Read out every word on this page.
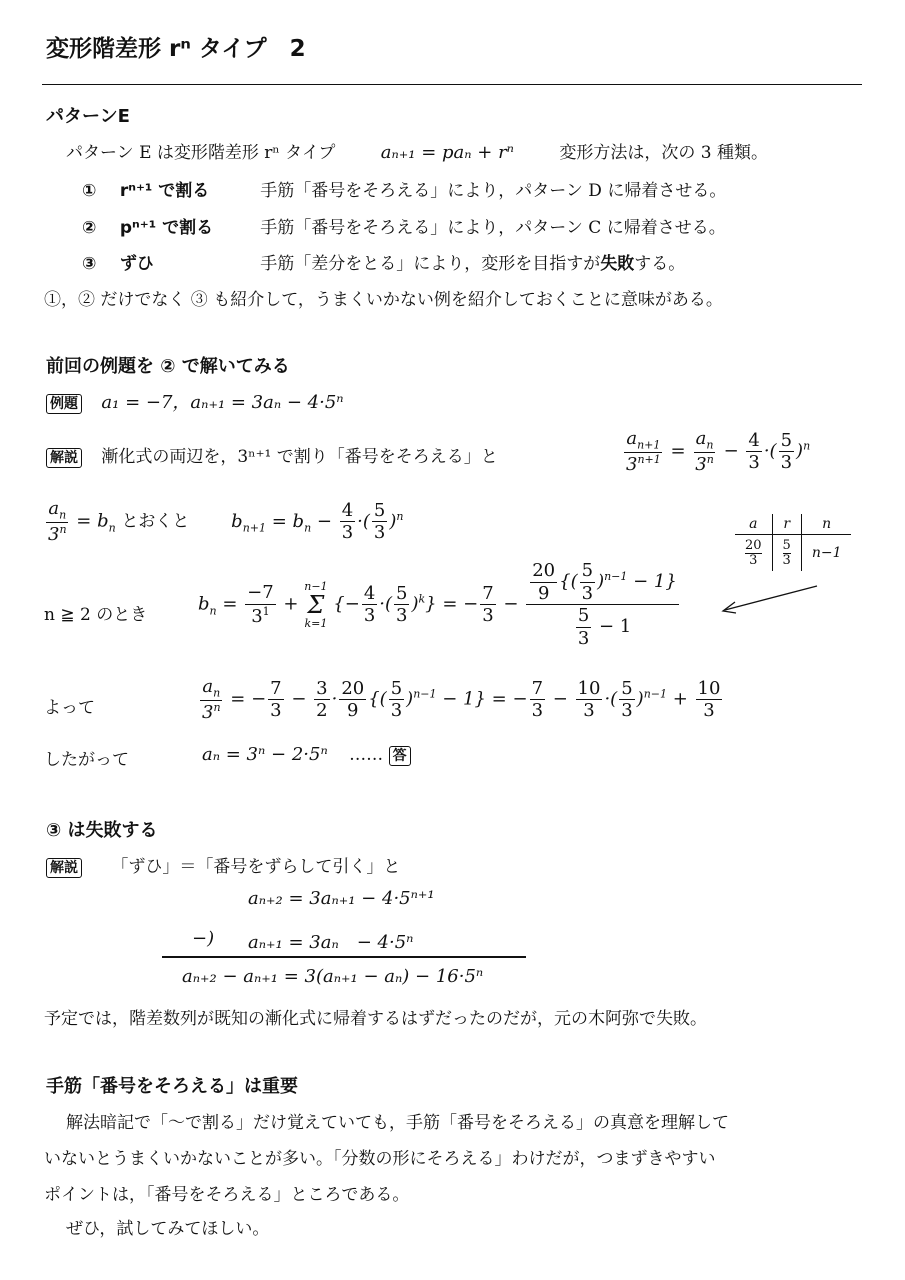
変形階差形 rⁿ タイプ　2
パターンE
パターン E は変形階差形 rⁿ タイプ	aₙ₊₁ = paₙ + rⁿ	変形方法は，次の 3 種類。
① rⁿ⁺¹ で割る	手筋「番号をそろえる」により，パターン D に帰着させる。
② pⁿ⁺¹ で割る	手筋「番号をそろえる」により，パターン C に帰着させる。
③ ずひ	手筋「差分をとる」により，変形を目指すが失敗する。
①，② だけでなく ③ も紹介して，うまくいかない例を紹介しておくことに意味がある。
前回の例題を ② で解いてみる
例題 a₁ = −7，aₙ₊₁ = 3aₙ − 4·5ⁿ
解説 漸化式の両辺を，3ⁿ⁺¹ で割り「番号をそろえる」と	$\frac{a_{n+1}}{3^{n+1}} = \frac{a_n}{3^n} - \frac{4}{3}$ ·( $\frac{5}{3} )^n$
$\frac{a_n}{3^n} = b_n$ とおくと $b_{n+1} = b_n - \frac{4}{3}$ ·( $\frac{5}{3} )^n$	a	r	n

$\frac{20}{3}$	$\frac{5}{3}$	n−1
n ≧ 2 のとき
$b_n = \frac{-7}{3^1}$ +
n−1
Σ
k=1
{− $\frac{4}{3}$ ·( $\frac{5}{3} )^k$} = − $\frac{7}{3} - \frac{\frac{20}{9} \{( \frac{5}{3} )^{n-1} - 1\}}{\frac{5}{3} - 1}$
よって	$\frac{a_n}{3^n}$ = − $\frac{7}{3} - \frac{3}{2} \cdot \frac{20}{9}$ {( $\frac{5}{3} )^{n-1} - 1$} = − $\frac{7}{3} - \frac{10}{3}$ ·( $\frac{5}{3} )^{n-1} + \frac{10}{3}$
したがって	aₙ = 3ⁿ − 2·5ⁿ …… 答
③ は失敗する
解説 「ずひ」＝「番号をずらして引く」と
aₙ₊₂ = 3aₙ₊₁ − 4·5ⁿ⁺¹
−) aₙ₊₁ = 3aₙ　− 4·5ⁿ
aₙ₊₂ − aₙ₊₁ = 3(aₙ₊₁ − aₙ) − 16·5ⁿ
予定では，階差数列が既知の漸化式に帰着するはずだったのだが，元の木阿弥で失敗。
手筋「番号をそろえる」は重要
解法暗記で「〜で割る」だけ覚えていても，手筋「番号をそろえる」の真意を理解して
いないとうまくいかないことが多い。「分数の形にそろえる」わけだが，つまずきやすい
ポイントは，「番号をそろえる」ところである。
ぜひ，試してみてほしい。
